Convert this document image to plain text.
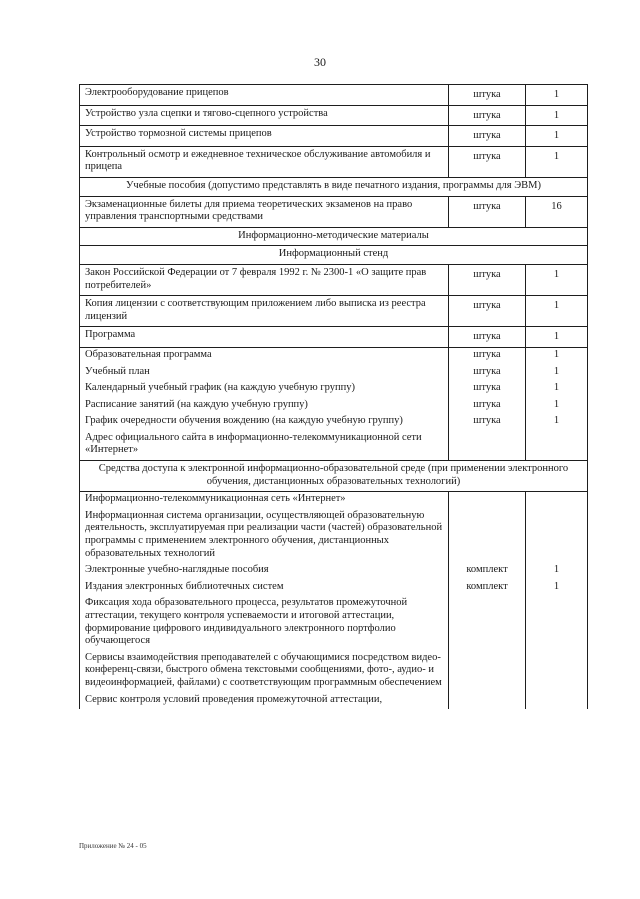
30
Электрооборудование прицепов	штука	1
Устройство узла сцепки и тягово-сцепного устройства	штука	1
Устройство тормозной системы прицепов	штука	1
Контрольный осмотр и ежедневное техническое обслуживание автомобиля и прицепа	штука	1
Учебные пособия (допустимо представлять в виде печатного издания, программы для ЭВМ)		
Экзаменационные билеты для приема теоретических экзаменов на право управления транспортными средствами	штука	16
Информационно-методические материалы		
Информационный стенд		
Закон Российской Федерации от 7 февраля 1992 г. № 2300-1 «О защите прав потребителей»	штука	1
Копия лицензии с соответствующим приложением либо выписка из реестра лицензий	штука	1
Программа	штука	1
Образовательная программа	штука	1
Учебный план	штука	1
Календарный учебный график (на каждую учебную группу)	штука	1
Расписание занятий (на каждую учебную группу)	штука	1
График очередности обучения вождению (на каждую учебную группу)	штука	1
Адрес официального сайта в информационно-телекоммуникационной сети «Интернет»		
Средства доступа к электронной информационно-образовательной среде (при применении электронного обучения, дистанционных образовательных технологий)		
Информационно-телекоммуникационная сеть «Интернет»		
Информационная система организации, осуществляющей образовательную деятельность, эксплуатируемая при реализации части (частей) образовательной программы с применением электронного обучения, дистанционных образовательных технологий		
Электронные учебно-наглядные пособия	комплект	1
Издания электронных библиотечных систем	комплект	1
Фиксация хода образовательного процесса, результатов промежуточной аттестации, текущего контроля успеваемости и итоговой аттестации, формирование цифрового индивидуального электронного портфолио обучающегося		
Сервисы взаимодействия преподавателей с обучающимися посредством видео-конференц-связи, быстрого обмена текстовыми сообщениями, фото-, аудио- и видеоинформацией, файлами) с соответствующим программным обеспечением		
Сервис контроля условий проведения промежуточной аттестации,		
Приложение № 24 - 05
